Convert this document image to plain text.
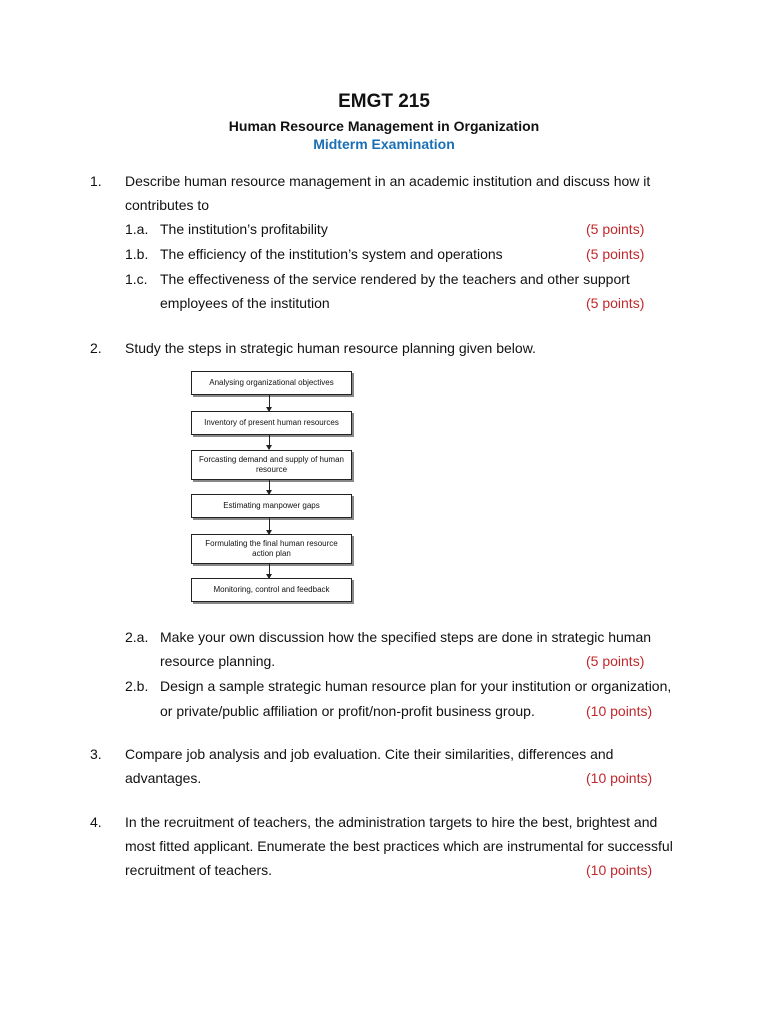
EMGT 215
Human Resource Management in Organization
Midterm Examination
1. Describe human resource management in an academic institution and discuss how it
contributes to
1.a. The institution’s profitability	(5 points)
1.b. The efficiency of the institution’s system and operations	(5 points)
1.c. The effectiveness of the service rendered by the teachers and other support
employees of the institution	(5 points)
2. Study the steps in strategic human resource planning given below.
Analysing organizational objectives
Inventory of present human resources
Forcasting demand and supply of human resource
Estimating manpower gaps
Formulating the final human resource action plan
Monitoring, control and feedback
2.a. Make your own discussion how the specified steps are done in strategic human
resource planning.	(5 points)
2.b. Design a sample strategic human resource plan for your institution or organization,
or private/public affiliation or profit/non-profit business group.	(10 points)
3. Compare job analysis and job evaluation. Cite their similarities, differences and
advantages.	(10 points)
4. In the recruitment of teachers, the administration targets to hire the best, brightest and
most fitted applicant. Enumerate the best practices which are instrumental for successful
recruitment of teachers.	(10 points)
